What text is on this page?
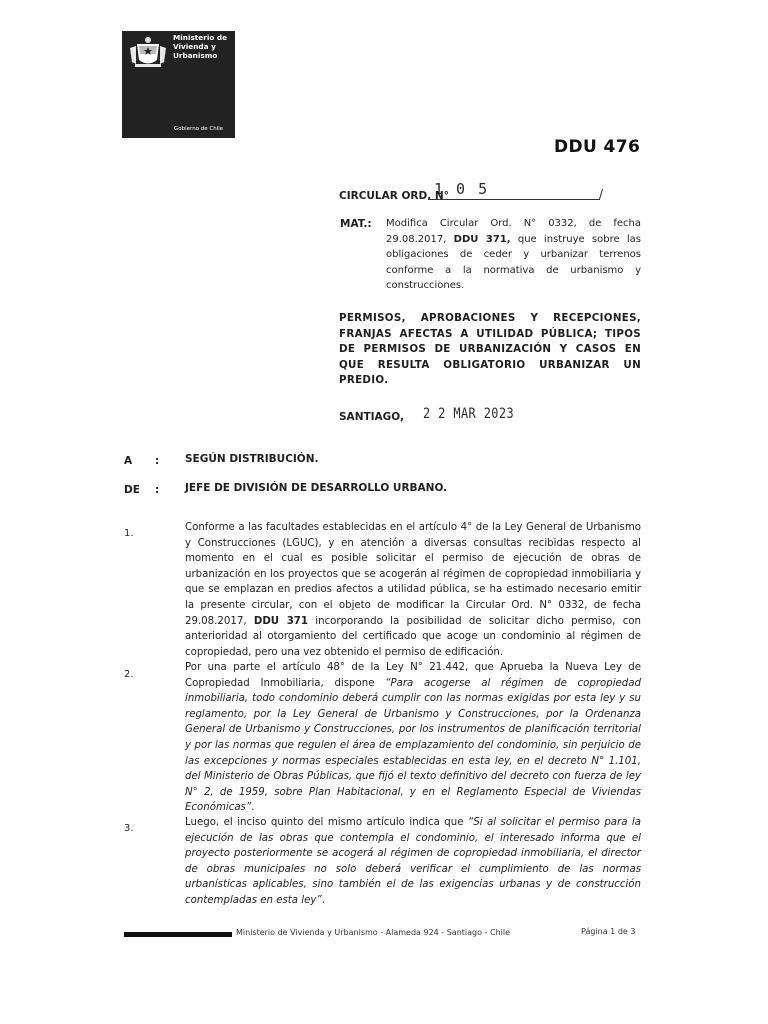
Ministerio de
Vivienda y
Urbanismo
Gobierno de Chile
DDU 476
CIRCULAR ORD. N°
1 0 5	/
MAT.: Modifica Circular Ord. N° 0332, de fecha 29.08.2017, DDU 371, que instruye sobre las obligaciones de ceder y urbanizar terrenos conforme a la normativa de urbanismo y construcciones.
PERMISOS, APROBACIONES Y RECEPCIONES, FRANJAS AFECTAS A UTILIDAD PÚBLICA; TIPOS DE PERMISOS DE URBANIZACIÓN Y CASOS EN QUE RESULTA OBLIGATORIO URBANIZAR UN PREDIO.
SANTIAGO, 2 2 MAR 2023
A : SEGÚN DISTRIBUCIÓN.
DE : JEFE DE DIVISIÓN DE DESARROLLO URBANO.
1.
Conforme a las facultades establecidas en el artículo 4° de la Ley General de Urbanismo y Construcciones (LGUC), y en atención a diversas consultas recibidas respecto al momento en el cual es posible solicitar el permiso de ejecución de obras de urbanización en los proyectos que se acogerán al régimen de copropiedad inmobiliaria y que se emplazan en predios afectos a utilidad pública, se ha estimado necesario emitir la presente circular, con el objeto de modificar la Circular Ord. N° 0332, de fecha 29.08.2017, DDU 371 incorporando la posibilidad de solicitar dicho permiso, con anterioridad al otorgamiento del certificado que acoge un condominio al régimen de copropiedad, pero una vez obtenido el permiso de edificación.
2.
Por una parte el artículo 48° de la Ley N° 21.442, que Aprueba la Nueva Ley de Copropiedad Inmobiliaria, dispone “Para acogerse al régimen de copropiedad inmobiliaria, todo condominio deberá cumplir con las normas exigidas por esta ley y su reglamento, por la Ley General de Urbanismo y Construcciones, por la Ordenanza General de Urbanismo y Construcciones, por los instrumentos de planificación territorial y por las normas que regulen el área de emplazamiento del condominio, sin perjuicio de las excepciones y normas especiales establecidas en esta ley, en el decreto N° 1.101, del Ministerio de Obras Públicas, que fijó el texto definitivo del decreto con fuerza de ley N° 2, de 1959, sobre Plan Habitacional, y en el Reglamento Especial de Viviendas Económicas”.
3.
Luego, el inciso quinto del mismo artículo indica que “Si al solicitar el permiso para la ejecución de las obras que contempla el condominio, el interesado informa que el proyecto posteriormente se acogerá al régimen de copropiedad inmobiliaria, el director de obras municipales no solo deberá verificar el cumplimiento de las normas urbanísticas aplicables, sino también el de las exigencias urbanas y de construcción contempladas en esta ley”.
Ministerio de Vivienda y Urbanismo - Alameda 924 - Santiago - Chile	Página 1 de 3
